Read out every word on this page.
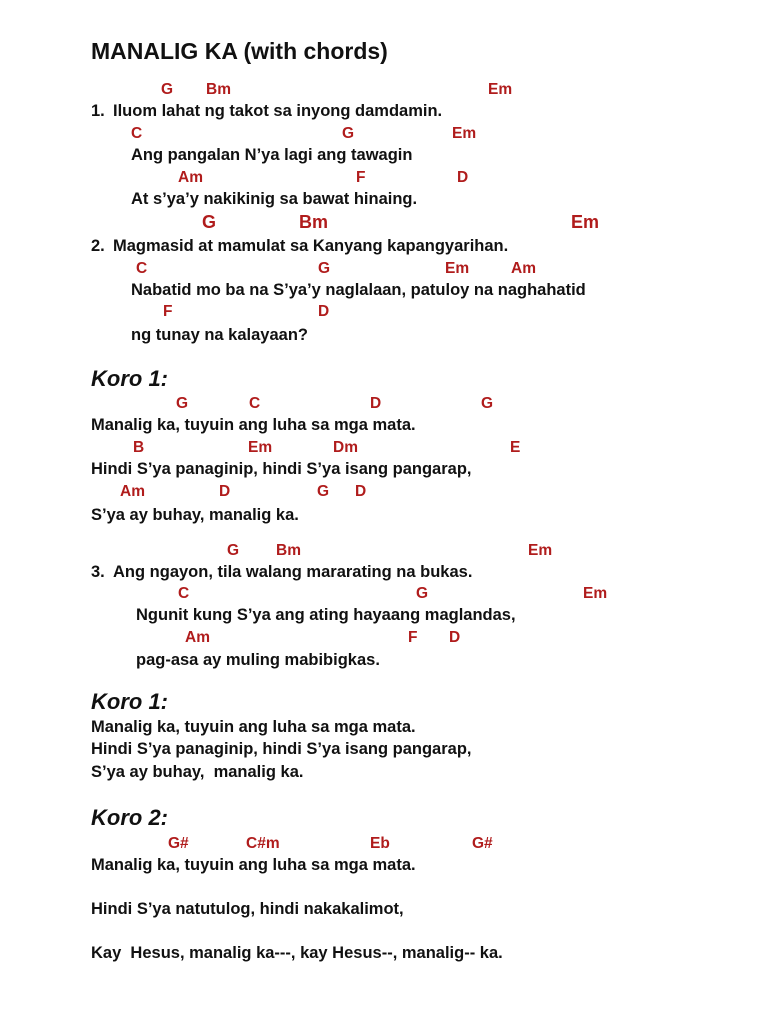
MANALIG KA (with chords)
G Bm	Em
1. Iluom lahat ng takot sa inyong damdamin.
C	G	Em
Ang pangalan N’ya lagi ang tawagin
Am	F	D
At s’ya’y nakikinig sa bawat hinaing.
G	Bm	Em
2. Magmasid at mamulat sa Kanyang kapangyarihan.
C	G	Em	Am
Nabatid mo ba na S’ya’y naglalaan, patuloy na naghahatid
F	D
ng tunay na kalayaan?
Koro 1:
G	C	D	G
Manalig ka, tuyuin ang luha sa mga mata.
B	Em	Dm	E
Hindi S’ya panaginip, hindi S’ya isang pangarap,
Am	D	G D
S’ya ay buhay, manalig ka.
G Bm	Em
3. Ang ngayon, tila walang mararating na bukas.
C	G	Em
Ngunit kung S’ya ang ating hayaang maglandas,
Am	F D
pag-asa ay muling mabibigkas.
Koro 1:
Manalig ka, tuyuin ang luha sa mga mata.
Hindi S’ya panaginip, hindi S’ya isang pangarap,
S’ya ay buhay,  manalig ka.
Koro 2:
G#	C#m	Eb	G#
Manalig ka, tuyuin ang luha sa mga mata.
Hindi S’ya natutulog, hindi nakakalimot,
Kay  Hesus, manalig ka---, kay Hesus--, manalig-- ka.
